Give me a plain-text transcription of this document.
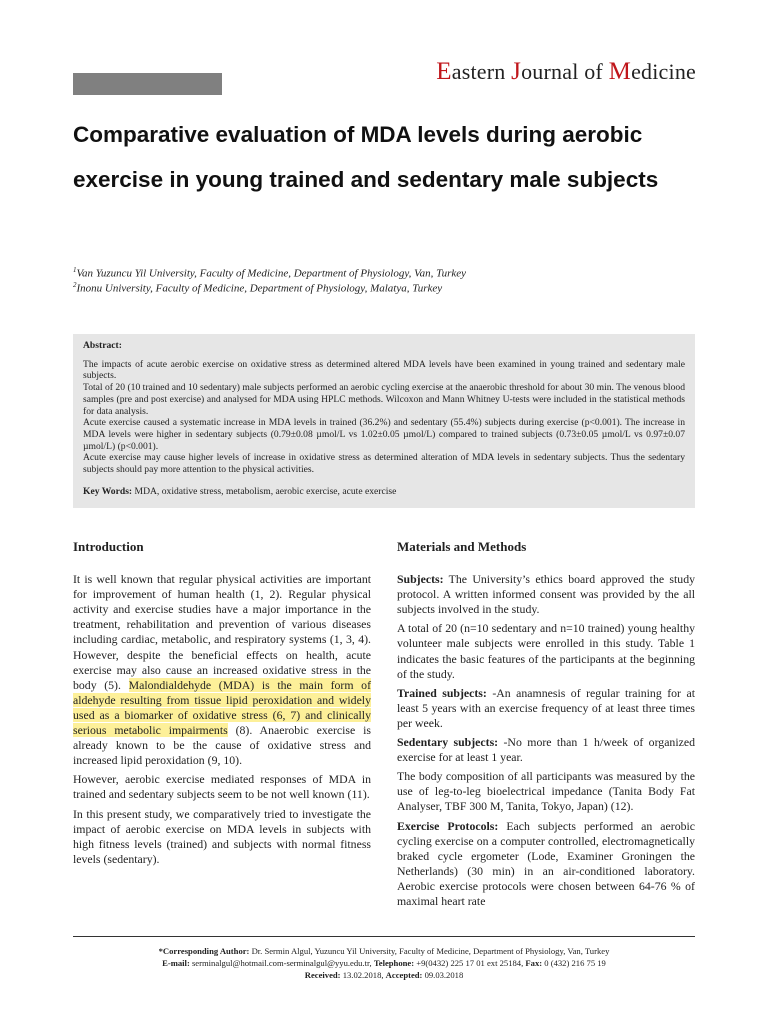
Eastern Journal of Medicine
Comparative evaluation of MDA levels during aerobic
exercise in young trained and sedentary male subjects
$^1$Van Yuzuncu Yil University, Faculty of Medicine, Department of Physiology, Van, Turkey
$^2$Inonu University, Faculty of Medicine, Department of Physiology, Malatya, Turkey
Abstract:

The impacts of acute aerobic exercise on oxidative stress as determined altered MDA levels have been examined in young trained and sedentary male subjects.

Total of 20 (10 trained and 10 sedentary) male subjects performed an aerobic cycling exercise at the anaerobic threshold for about 30 min. The venous blood samples (pre and post exercise) and analysed for MDA using HPLC methods. Wilcoxon and Mann Whitney U-tests were included in the statistical methods for data analysis.

Acute exercise caused a systematic increase in MDA levels in trained (36.2%) and sedentary (55.4%) subjects during exercise (p<0.001). The increase in MDA levels were higher in sedentary subjects (0.79±0.08 µmol/L vs 1.02±0.05 µmol/L) compared to trained subjects (0.73±0.05 µmol/L vs 0.97±0.07 µmol/L) (p<0.001).

Acute exercise may cause higher levels of increase in oxidative stress as determined alteration of MDA levels in sedentary subjects. Thus the sedentary subjects should pay more attention to the physical activities.

Key Words: MDA, oxidative stress, metabolism, aerobic exercise, acute exercise
Introduction

It is well known that regular physical activities are important for improvement of human health (1, 2). Regular physical activity and exercise studies have a major importance in the treatment, rehabilitation and prevention of various diseases including cardiac, metabolic, and respiratory systems (1, 3, 4). However, despite the beneficial effects on health, acute exercise may also cause an increased oxidative stress in the body (5). Malondialdehyde (MDA) is the main form of aldehyde resulting from tissue lipid peroxidation and widely used as a biomarker of oxidative stress (6, 7) and clinically serious metabolic impairments (8). Anaerobic exercise is already known to be the cause of oxidative stress and increased lipid peroxidation (9, 10).

However, aerobic exercise mediated responses of MDA in trained and sedentary subjects seem to be not well known (11).

In this present study, we comparatively tried to investigate the impact of aerobic exercise on MDA levels in subjects with high fitness levels (trained) and subjects with normal fitness levels (sedentary).

Materials and Methods

Subjects: The University’s ethics board approved the study protocol. A written informed consent was provided by the all subjects involved in the study.

A total of 20 (n=10 sedentary and n=10 trained) young healthy volunteer male subjects were enrolled in this study. Table 1 indicates the basic features of the participants at the beginning of the study.

Trained subjects: -An anamnesis of regular training for at least 5 years with an exercise frequency of at least three times per week.

Sedentary subjects: -No more than 1 h/week of organized exercise for at least 1 year.

The body composition of all participants was measured by the use of leg-to-leg bioelectrical impedance (Tanita Body Fat Analyser, TBF 300 M, Tanita, Tokyo, Japan) (12).

Exercise Protocols: Each subjects performed an aerobic cycling exercise on a computer controlled, electromagnetically braked cycle ergometer (Lode, Examiner Groningen the Netherlands) (30 min) in an air-conditioned laboratory. Aerobic exercise protocols were chosen between 64-76 % of maximal heart rate

*Corresponding Author: Dr. Sermin Algul, Yuzuncu Yil University, Faculty of Medicine, Department of Physiology, Van, Turkey
E-mail: serminalgul@hotmail.com-serminalgul@yyu.edu.tr, Telephone: +9(0432) 225 17 01 ext 25184, Fax: 0 (432) 216 75 19
Received: 13.02.2018, Accepted: 09.03.2018
